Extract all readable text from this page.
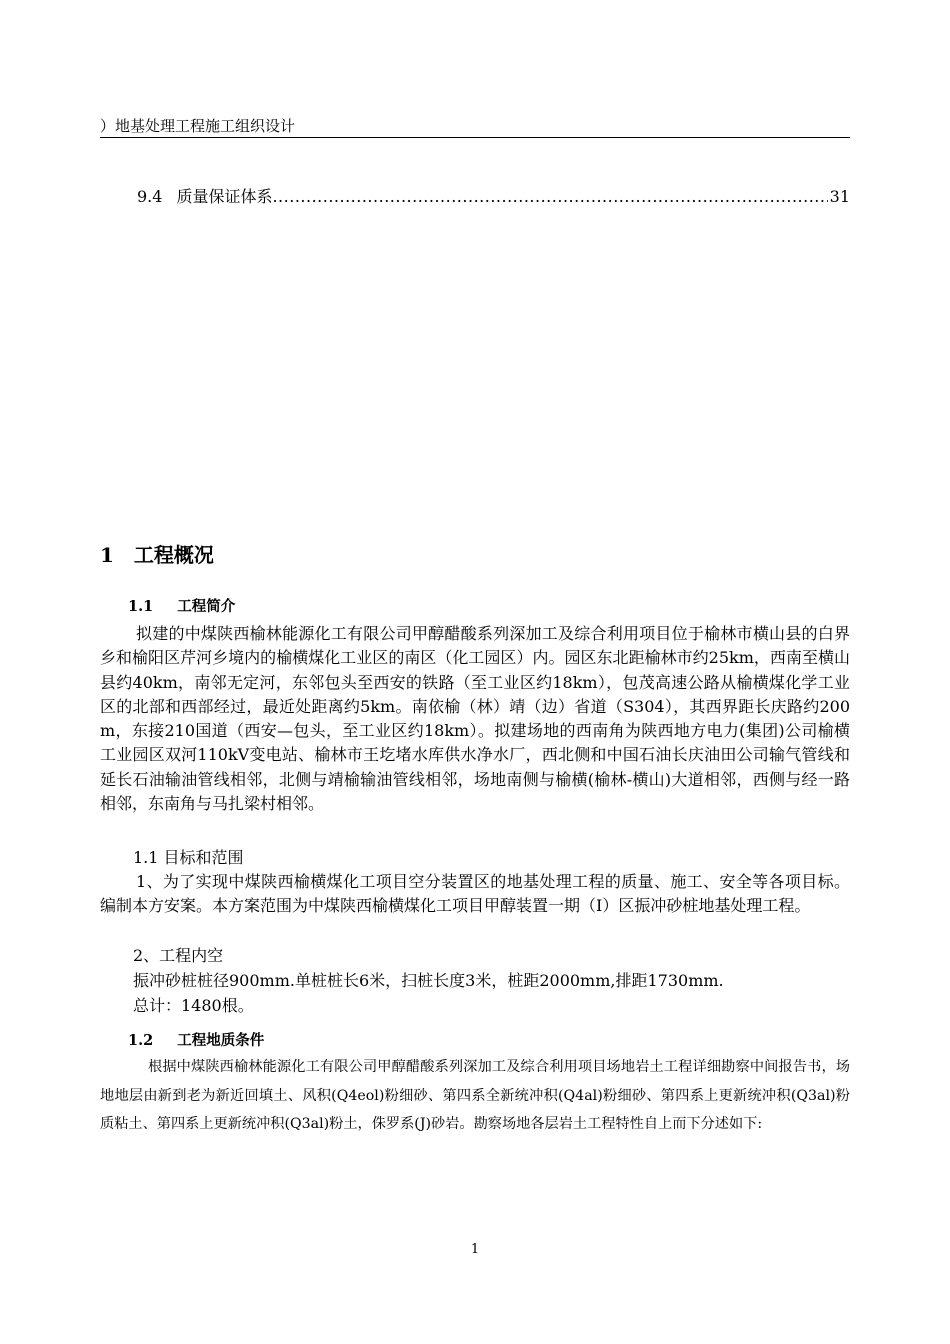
）地基处理工程施工组织设计
9.4 质量保证体系
.....	31
1 工程概况
1.1 工程简介

拟建的中煤陕西榆林能源化工有限公司甲醇醋酸系列深加工及综合利用项目位于榆林市横山县的白界乡和榆阳区芹河乡境内的榆横煤化工业区的南区（化工园区）内。园区东北距榆林市约25km，西南至横山县约40km，南邻无定河，东邻包头至西安的铁路（至工业区约18km），包茂高速公路从榆横煤化学工业区的北部和西部经过，最近处距离约5km。南依榆（林）靖（边）省道（S304），其西界距长庆路约200m，东接210国道（西安—包头，至工业区约18km）。拟建场地的西南角为陕西地方电力(集团)公司榆横工业园区双河110kV变电站、榆林市王圪堵水库供水净水厂，西北侧和中国石油长庆油田公司输气管线和延长石油输油管线相邻，北侧与靖榆输油管线相邻，场地南侧与榆横(榆林-横山)大道相邻，西侧与经一路相邻，东南角与马扎梁村相邻。

1.1 目标和范围

1、为了实现中煤陕西榆横煤化工项目空分装置区的地基处理工程的质量、施工、安全等各项目标。编制本方安案。本方案范围为中煤陕西榆横煤化工项目甲醇装置一期（I）区振冲砂桩地基处理工程。

2、工程内空
振冲砂桩桩径900mm.单桩桩长6米，扫桩长度3米，桩距2000mm,排距1730mm.
总计：1480根。
1.2 工程地质条件

根据中煤陕西榆林能源化工有限公司甲醇醋酸系列深加工及综合利用项目场地岩土工程详细勘察中间报告书，场地地层由新到老为新近回填土、风积(Q4eol)粉细砂、第四系全新统冲积(Q4al)粉细砂、第四系上更新统冲积(Q3al)粉质粘土、第四系上更新统冲积(Q3al)粉土，侏罗系(J)砂岩。勘察场地各层岩土工程特性自上而下分述如下:

1
